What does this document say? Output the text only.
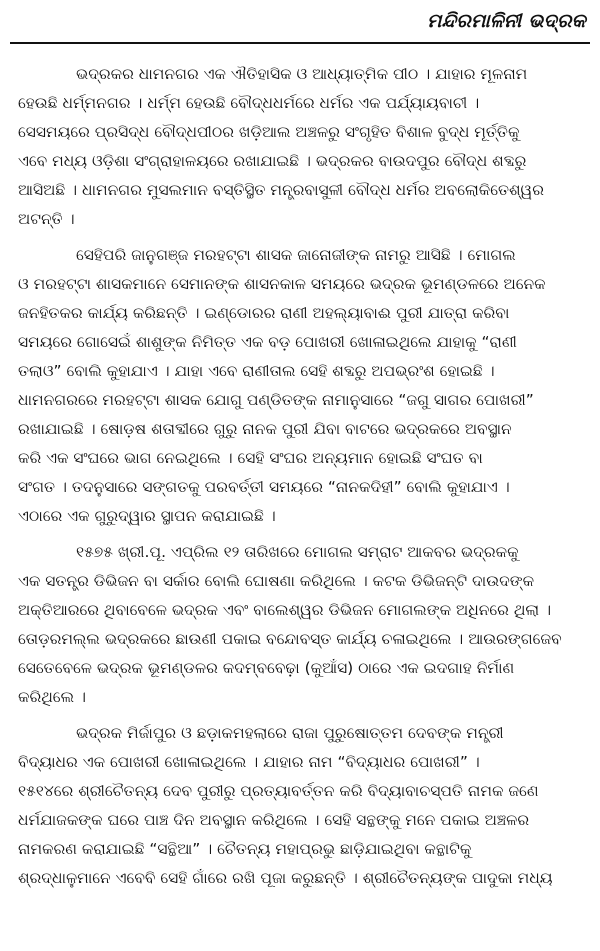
ମନ୍ଦିରମାଳିନୀ ଭଦ୍ରକ
ଭଦ୍ରକର ଧାମନଗର ଏକ ଐତିହାସିକ ଓ ଆଧ୍ୟାତ୍ମିକ ପୀଠ । ଯାହାର ମୂଳନାମ
ହେଉଛି ଧର୍ମ୍ମନଗର । ଧର୍ମ୍ମ ହେଉଛି ବୌଦ୍ଧଧର୍ମରେ ଧର୍ମର ଏକ ପର୍ଯ୍ୟାୟବାଚୀ ।
ସେସମୟରେ ପ୍ରସିଦ୍ଧ ବୌଦ୍ଧପୀଠର ଖଡ଼ିଆଲ ଅଞ୍ଚଳରୁ ସଂଗୃହିତ ବିଶାଳ ବୁଦ୍ଧ ମୂର୍ତ୍ତିକୁ
ଏବେ ମଧ୍ୟ ଓଡ଼ିଶା ସଂଗ୍ରାହାଳୟରେ ରଖାଯାଇଛି । ଭଦ୍ରକର ବାଉଦପୁର ବୌଦ୍ଧ ଶବ୍ଦରୁ
ଆସିଅଛି । ଧାମନଗର ମୁସଲମାନ ବସ୍ତିସ୍ଥିତ ମନ୍ତ୍ରବାସୁଳୀ ବୌଦ୍ଧ ଧର୍ମର ଅବଲୋକିତେଶ୍ୱର
ଅଟନ୍ତି ।
ସେହିପରି ଜାନୁଗଞ୍ଜ ମରହଟ୍ଟା ଶାସକ ଜାନୋଜୀଙ୍କ ନାମରୁ ଆସିଛି । ମୋଗଲ
ଓ ମରହଟ୍ଟା ଶାସକମାନେ ସେମାନଙ୍କ ଶାସନକାଳ ସମୟରେ ଭଦ୍ରକ ଭୂମଣ୍ଡଳରେ ଅନେକ
ଜନହିତକର କାର୍ଯ୍ୟ କରିଛନ୍ତି । ଇଣ୍ଡୋରର ରାଣୀ ଅହଲ୍ୟାବାଈ ପୁରୀ ଯାତ୍ରା କରିବା
ସମୟରେ ଗୋସେଇଁ ଶାଶୁଙ୍କ ନିମିତ୍ତ ଏକ ବଡ଼ ପୋଖରୀ ଖୋଳାଇଥିଲେ ଯାହାକୁ “ରାଣୀ
ତଲାଓ” ବୋଲି କୁହାଯାଏ । ଯାହା ଏବେ ରାଣୀତାଲ ସେହି ଶବ୍ଦରୁ ଅପଭ୍ରଂଶ ହୋଇଛି ।
ଧାମନଗରରେ ମରହଟ୍ଟା ଶାସକ ଯୋଗୁ ପଣ୍ଡିତଙ୍କ ନାମାନୁସାରେ “ଜଗୁ ସାଗର ପୋଖରୀ”
ରଖାଯାଇଛି । ଷୋଡ଼ଷ ଶତାବ୍ଦୀରେ ଗୁରୁ ନାନକ ପୁରୀ ଯିବା ବାଟରେ ଭଦ୍ରକରେ ଅବସ୍ଥାନ
କରି ଏକ ସଂଘରେ ଭାଗ ନେଇଥିଲେ । ସେହି ସଂଘର ଅନ୍ୟମାନ ହୋଇଛି ସଂଘତ ବା
ସଂଗତ । ତଦନୁସାରେ ସଙ୍ଗତକୁ ପରବର୍ତ୍ତୀ ସମୟରେ “ନାନକଦିହୀ” ବୋଲି କୁହାଯାଏ ।
ଏଠାରେ ଏକ ଗୁରୁଦ୍ୱାର ସ୍ଥାପନ କରାଯାଇଛି ।
୧୫୭୫ ଖ୍ରୀ.ପୂ. ଏପ୍ରିଲ ୧୨ ତାରିଖରେ ମୋଗଲ ସମ୍ରାଟ ଆକବର ଭଦ୍ରକକୁ
ଏକ ସତନ୍ତ୍ର ଡିଭିଜନ ବା ସର୍କାର ବୋଲି ଘୋଷଣା କରିଥିଲେ । କଟକ ଡିଭିଜନ୍‌ଟି ଦାଉଦଙ୍କ
ଅକ୍ତିଆରରେ ଥିବାବେଳେ ଭଦ୍ରକ ଏବଂ ବାଲେଶ୍ୱର ଡିଭିଜନ ମୋଗଲଙ୍କ ଅଧିନରେ ଥିଲା ।
ତୋଡ଼ରମଲ୍ଲ ଭଦ୍ରକରେ ଛାଉଣୀ ପକାଇ ବନ୍ଦୋବସ୍ତ କାର୍ଯ୍ୟ ଚଳାଇଥିଲେ । ଆଉରଙ୍ଗଜେବ
ସେତେବେଳେ ଭଦ୍ରକ ଭୂମଣ୍ଡଳର କଦମ୍ବବେଢ଼ା (କୁଆଁସ) ଠାରେ ଏକ ଇଦଗାହ ନିର୍ମାଣ
କରିଥିଲେ ।
ଭଦ୍ରକ ମିର୍ଜାପୁର ଓ ଛଡ଼ାକମହଲାରେ ରାଜା ପୁରୁଷୋତ୍ତମ ଦେବଙ୍କ ମନ୍ତ୍ରୀ
ବିଦ୍ୟାଧର ଏକ ପୋଖରୀ ଖୋଳାଇଥିଲେ । ଯାହାର ନାମ “ବିଦ୍ୟାଧର ପୋଖରୀ” ।
୧୫୧୪ରେ ଶ୍ରୀଚୈତନ୍ୟ ଦେବ ପୁରୀରୁ ପ୍ରତ୍ୟାବର୍ତ୍ତନ କରି ବିଦ୍ୟାବାଚସ୍ପତି ନାମକ ଜଣେ
ଧର୍ମଯାଜକଙ୍କ ଘରେ ପାଞ୍ଚ ଦିନ ଅବସ୍ଥାନ କରିଥିଲେ । ସେହି ସନ୍ଥଙ୍କୁ ମନେ ପକାଇ ଅଞ୍ଚଳର
ନାମକରଣ କରାଯାଇଛି “ସନ୍ଥିଆ” । ଚୈତନ୍ୟ ମହାପ୍ରଭୁ ଛାଡ଼ିଯାଇଥିବା କନ୍ଥାଟିକୁ
ଶ୍ରଦ୍ଧାଳୁମାନେ ଏବେବି ସେହି ଗାଁରେ ରଖି ପୂଜା କରୁଛନ୍ତି । ଶ୍ରୀଚୈତନ୍ୟଙ୍କ ପାଦୁକା ମଧ୍ୟ
